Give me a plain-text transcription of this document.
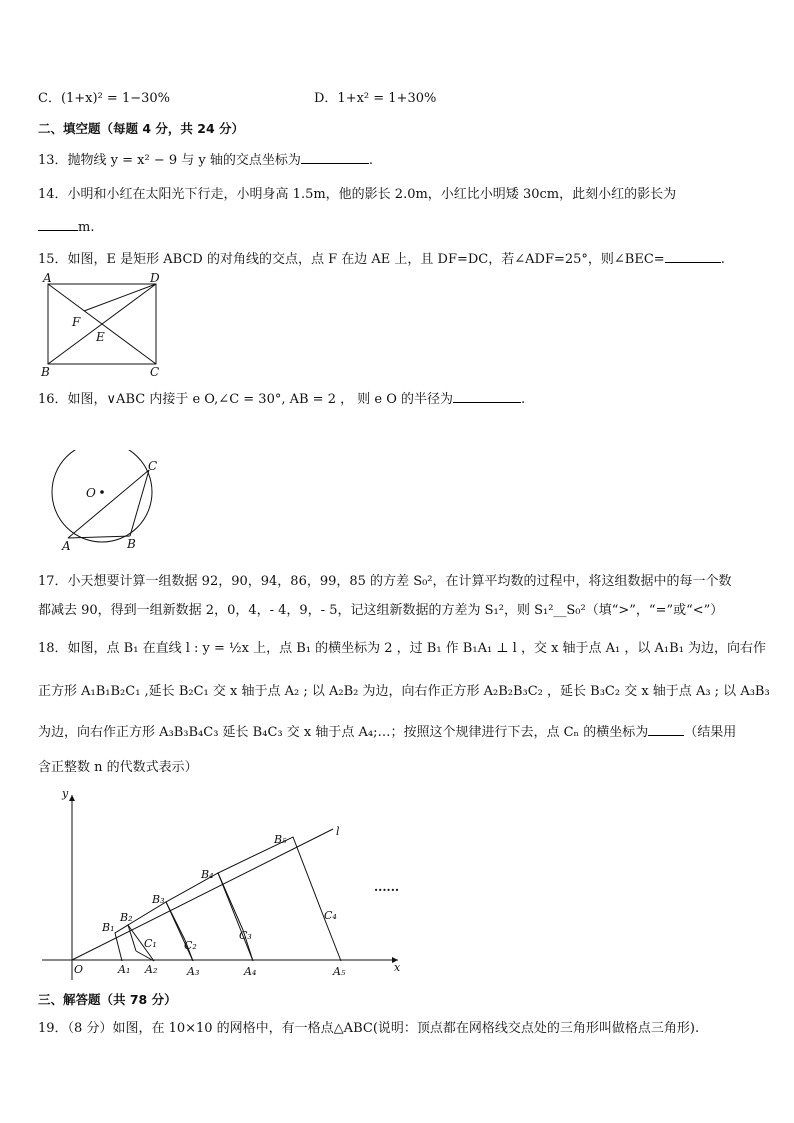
C．(1+x)² = 1−30%	D．1+x² = 1+30%
二、填空题（每题 4 分，共 24 分）
13．抛物线 y = x² − 9 与 y 轴的交点坐标为	.
14．小明和小红在太阳光下行走，小明身高 1.5m，他的影长 2.0m，小红比小明矮 30cm，此刻小红的影长为
m.
15．如图，E 是矩形 ABCD 的对角线的交点，点 F 在边 AE 上，且 DF=DC，若∠ADF=25°，则∠BEC=	.
A	D
B	C
F
E
16．如图，∨ABC 内接于 e O,∠C = 30°, AB = 2 ， 则 e O 的半径为	.
O
A	B
C
17．小天想要计算一组数据 92，90，94，86，99，85 的方差 S₀²，在计算平均数的过程中，将这组数据中的每一个数
都减去 90，得到一组新数据 2，0，4，- 4，9，- 5，记这组新数据的方差为 S₁²，则 S₁²__S₀²（填“>”，“=”或“<”）
18．如图，点 B₁ 在直线 l : y = ½x 上，点 B₁ 的横坐标为 2 ，过 B₁ 作 B₁A₁ ⊥ l ，交 x 轴于点 A₁ ，以 A₁B₁ 为边，向右作
正方形 A₁B₁B₂C₁ ,延长 B₂C₁ 交 x 轴于点 A₂ ; 以 A₂B₂ 为边，向右作正方形 A₂B₂B₃C₂ ，延长 B₃C₂ 交 x 轴于点 A₃ ; 以 A₃B₃
为边，向右作正方形 A₃B₃B₄C₃ 延长 B₄C₃ 交 x 轴于点 A₄;…；按照这个规律进行下去，点 Cₙ 的横坐标为	（结果用
含正整数 n 的代数式表示）
y
x
O
l
B₁
B₂
B₃
B₄
B₅
C₁ C₂
C₃
C₄
A₁ A₂	A₃	A₄	A₅
......
三、解答题（共 78 分）
19．（8 分）如图，在 10×10 的网格中，有一格点△ABC(说明：顶点都在网格线交点处的三角形叫做格点三角形).
